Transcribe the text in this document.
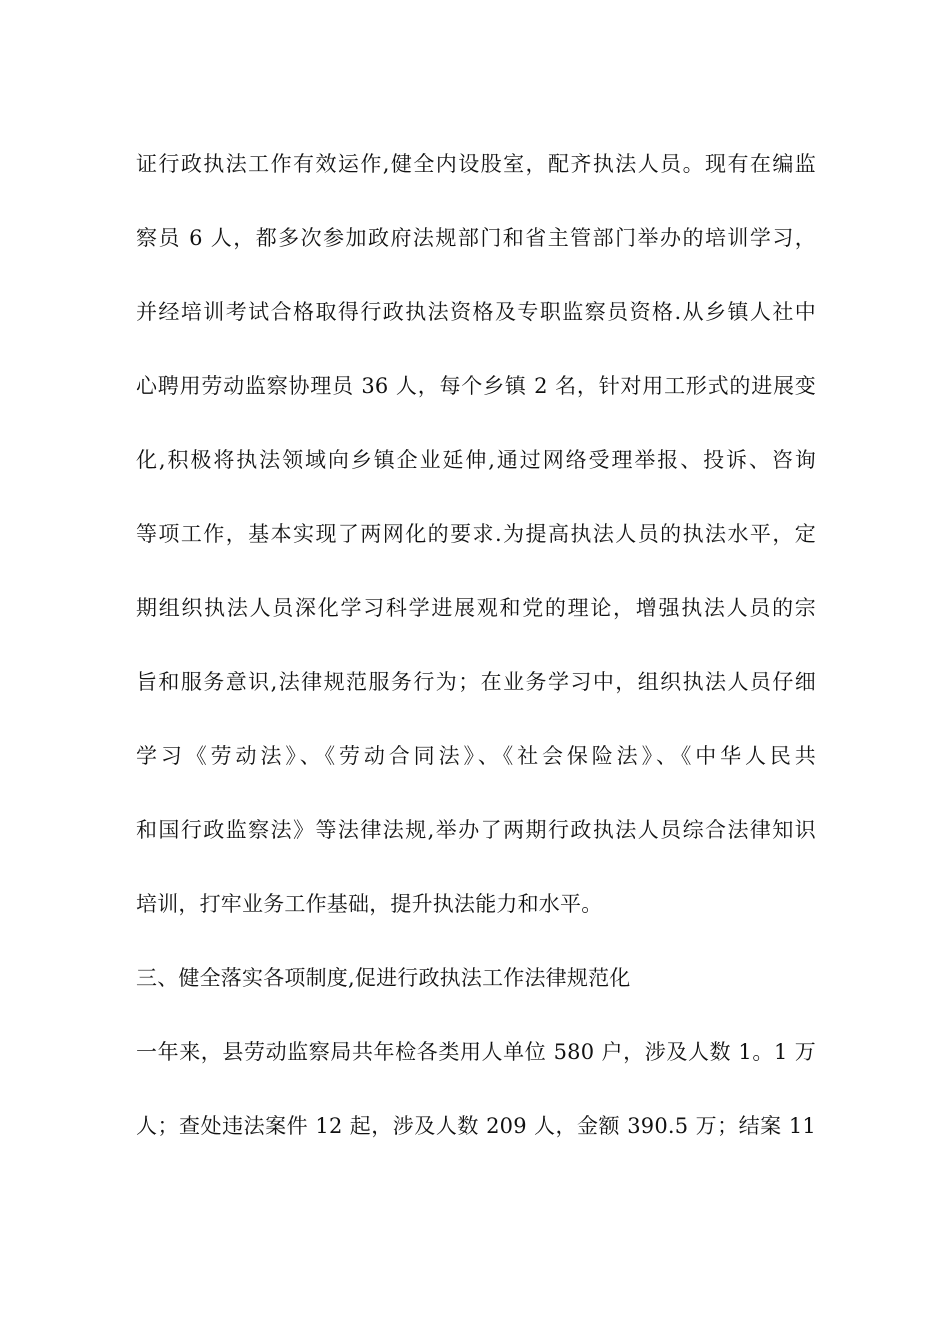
证行政执法工作有效运作,健全内设股室，配齐执法人员。现有在编监
察员 6 人，都多次参加政府法规部门和省主管部门举办的培训学习，
并经培训考试合格取得行政执法资格及专职监察员资格.从乡镇人社中
心聘用劳动监察协理员 36 人，每个乡镇 2 名，针对用工形式的进展变
化,积极将执法领域向乡镇企业延伸,通过网络受理举报、投诉、咨询
等项工作，基本实现了两网化的要求.为提高执法人员的执法水平，定
期组织执法人员深化学习科学进展观和党的理论，增强执法人员的宗
旨和服务意识,法律规范服务行为；在业务学习中，组织执法人员仔细
学习《劳动法》、《劳动合同法》、《社会保险法》、《中华人民共
和国行政监察法》等法律法规,举办了两期行政执法人员综合法律知识
培训，打牢业务工作基础，提升执法能力和水平。
三、健全落实各项制度,促进行政执法工作法律规范化
一年来，县劳动监察局共年检各类用人单位 580 户，涉及人数 1。1 万
人；查处违法案件 12 起，涉及人数 209 人，金额 390.5 万；结案 11
